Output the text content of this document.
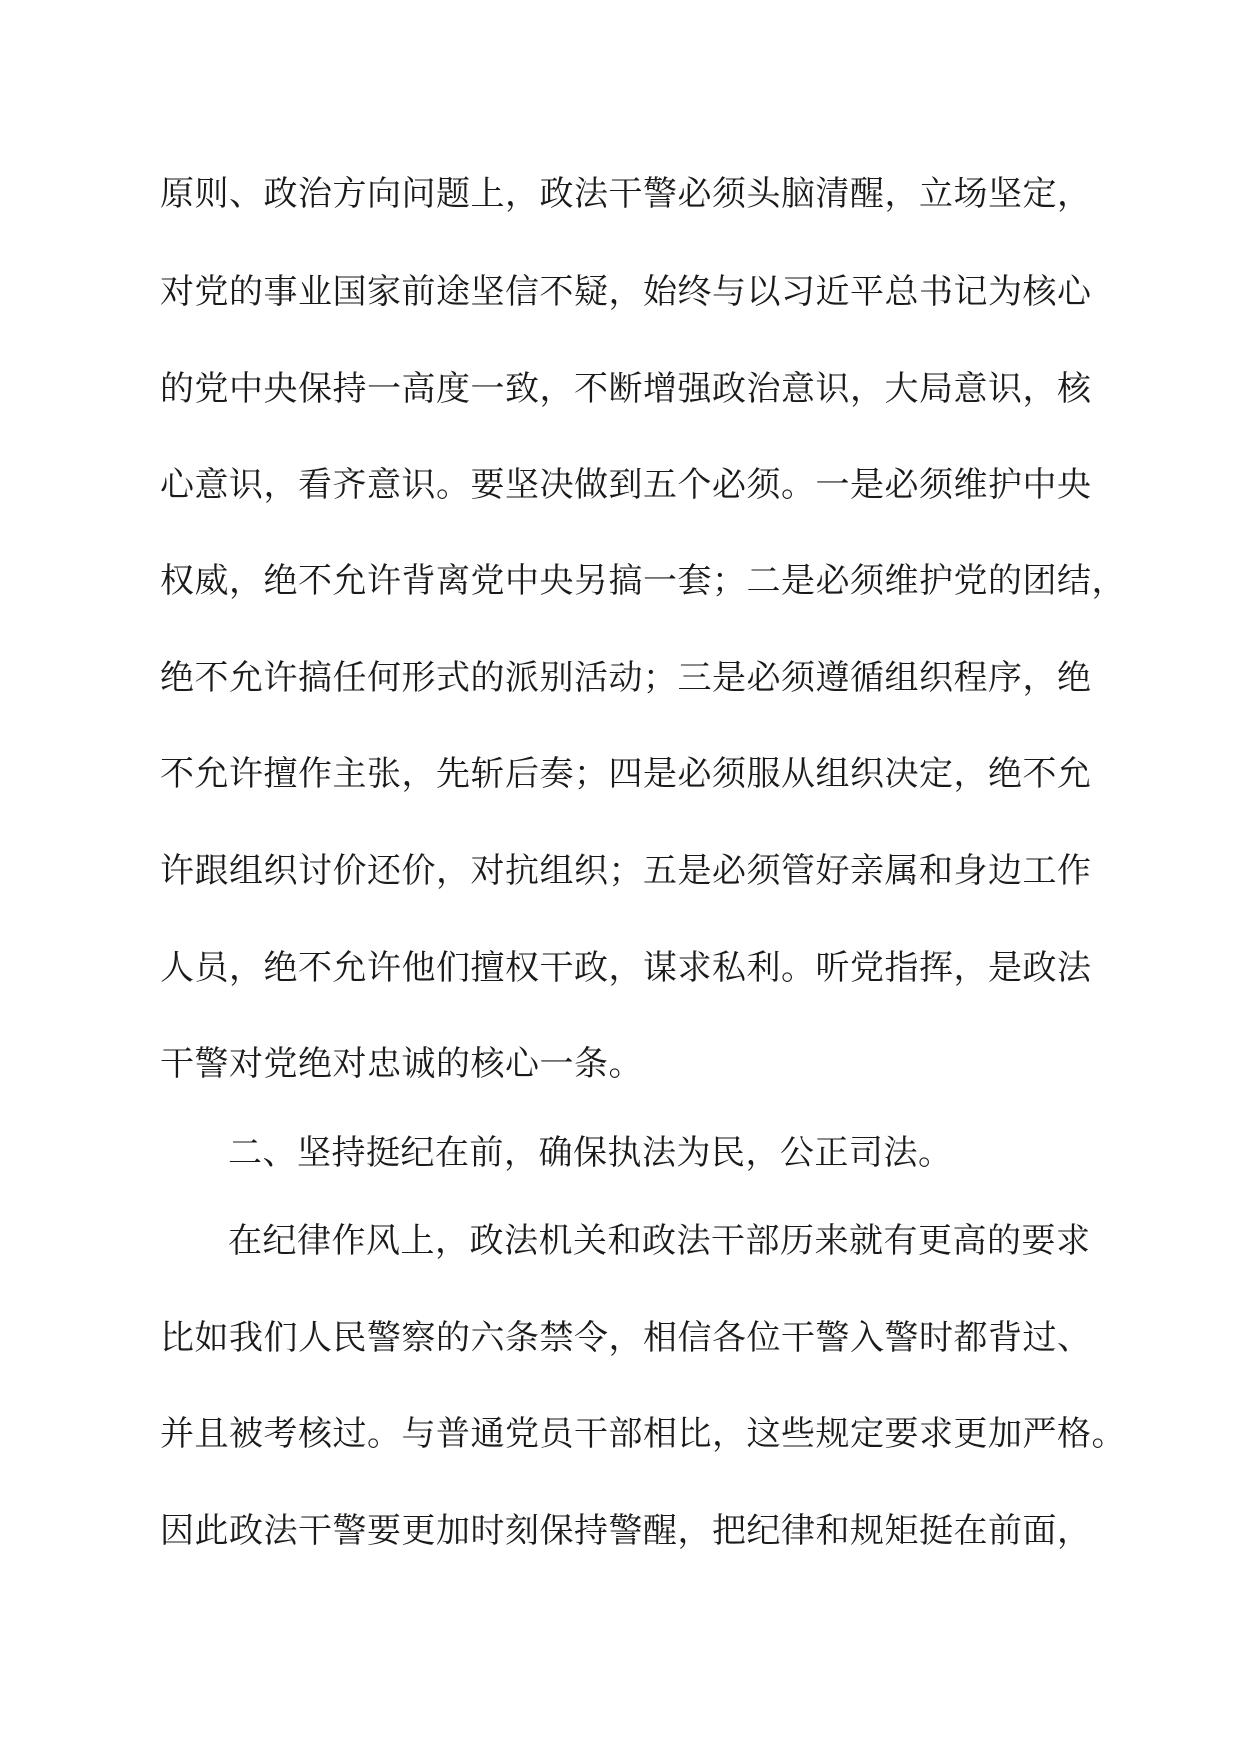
原则、政治方向问题上，政法干警必须头脑清醒，立场坚定，
对党的事业国家前途坚信不疑，始终与以习近平总书记为核心
的党中央保持一高度一致，不断增强政治意识，大局意识，核
心意识，看齐意识。要坚决做到五个必须。一是必须维护中央
权威，绝不允许背离党中央另搞一套；二是必须维护党的团结，
绝不允许搞任何形式的派别活动；三是必须遵循组织程序，绝
不允许擅作主张，先斩后奏；四是必须服从组织决定，绝不允
许跟组织讨价还价，对抗组织；五是必须管好亲属和身边工作
人员，绝不允许他们擅权干政，谋求私利。听党指挥，是政法
干警对党绝对忠诚的核心一条。
二、坚持挺纪在前，确保执法为民，公正司法。
在纪律作风上，政法机关和政法干部历来就有更高的要求
比如我们人民警察的六条禁令，相信各位干警入警时都背过、
并且被考核过。与普通党员干部相比，这些规定要求更加严格。
因此政法干警要更加时刻保持警醒，把纪律和规矩挺在前面，
